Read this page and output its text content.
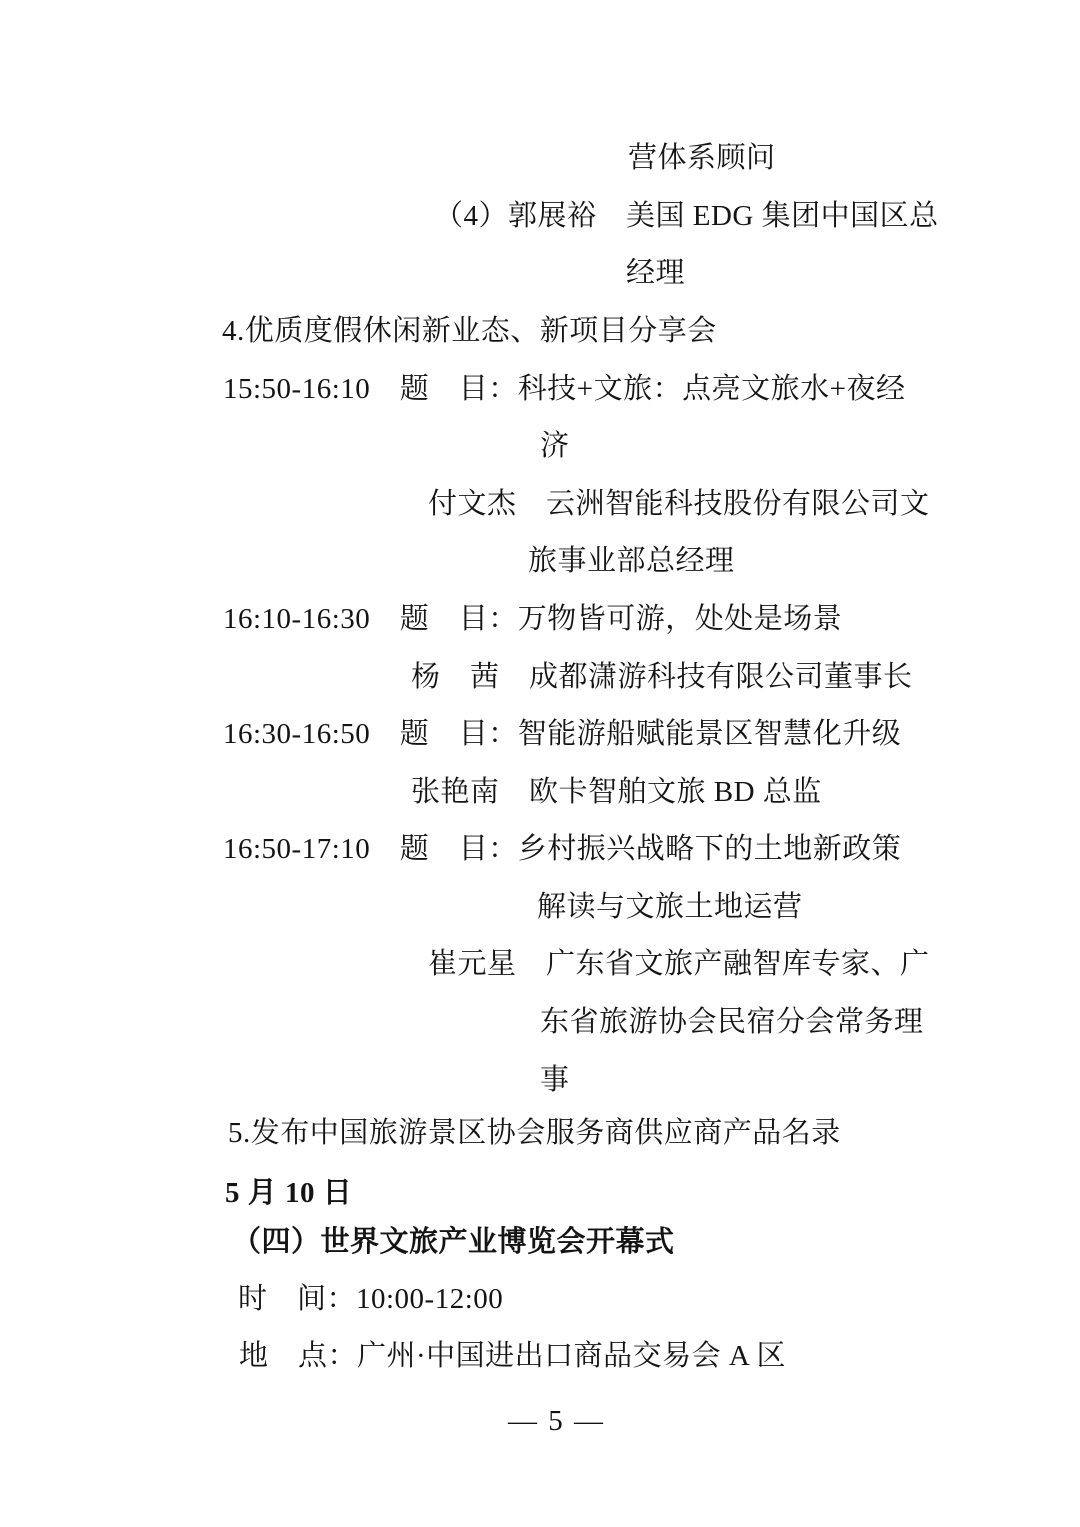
营体系顾问
（4）郭展裕　美国 EDG 集团中国区总
经理
4.优质度假休闲新业态、新项目分享会
15:50-16:10　题　目：科技+文旅：点亮文旅水+夜经
济
付文杰　云洲智能科技股份有限公司文
旅事业部总经理
16:10-16:30　题　目：万物皆可游，处处是场景
杨　茜　成都潇游科技有限公司董事长
16:30-16:50　题　目：智能游船赋能景区智慧化升级
张艳南　欧卡智舶文旅 BD 总监
16:50-17:10　题　目：乡村振兴战略下的土地新政策
解读与文旅土地运营
崔元星　广东省文旅产融智库专家、广
东省旅游协会民宿分会常务理
事
5.发布中国旅游景区协会服务商供应商产品名录
5 月 10 日
（四）世界文旅产业博览会开幕式
时　间：10:00-12:00
地　点：广州·中国进出口商品交易会 A 区
— 5 —
